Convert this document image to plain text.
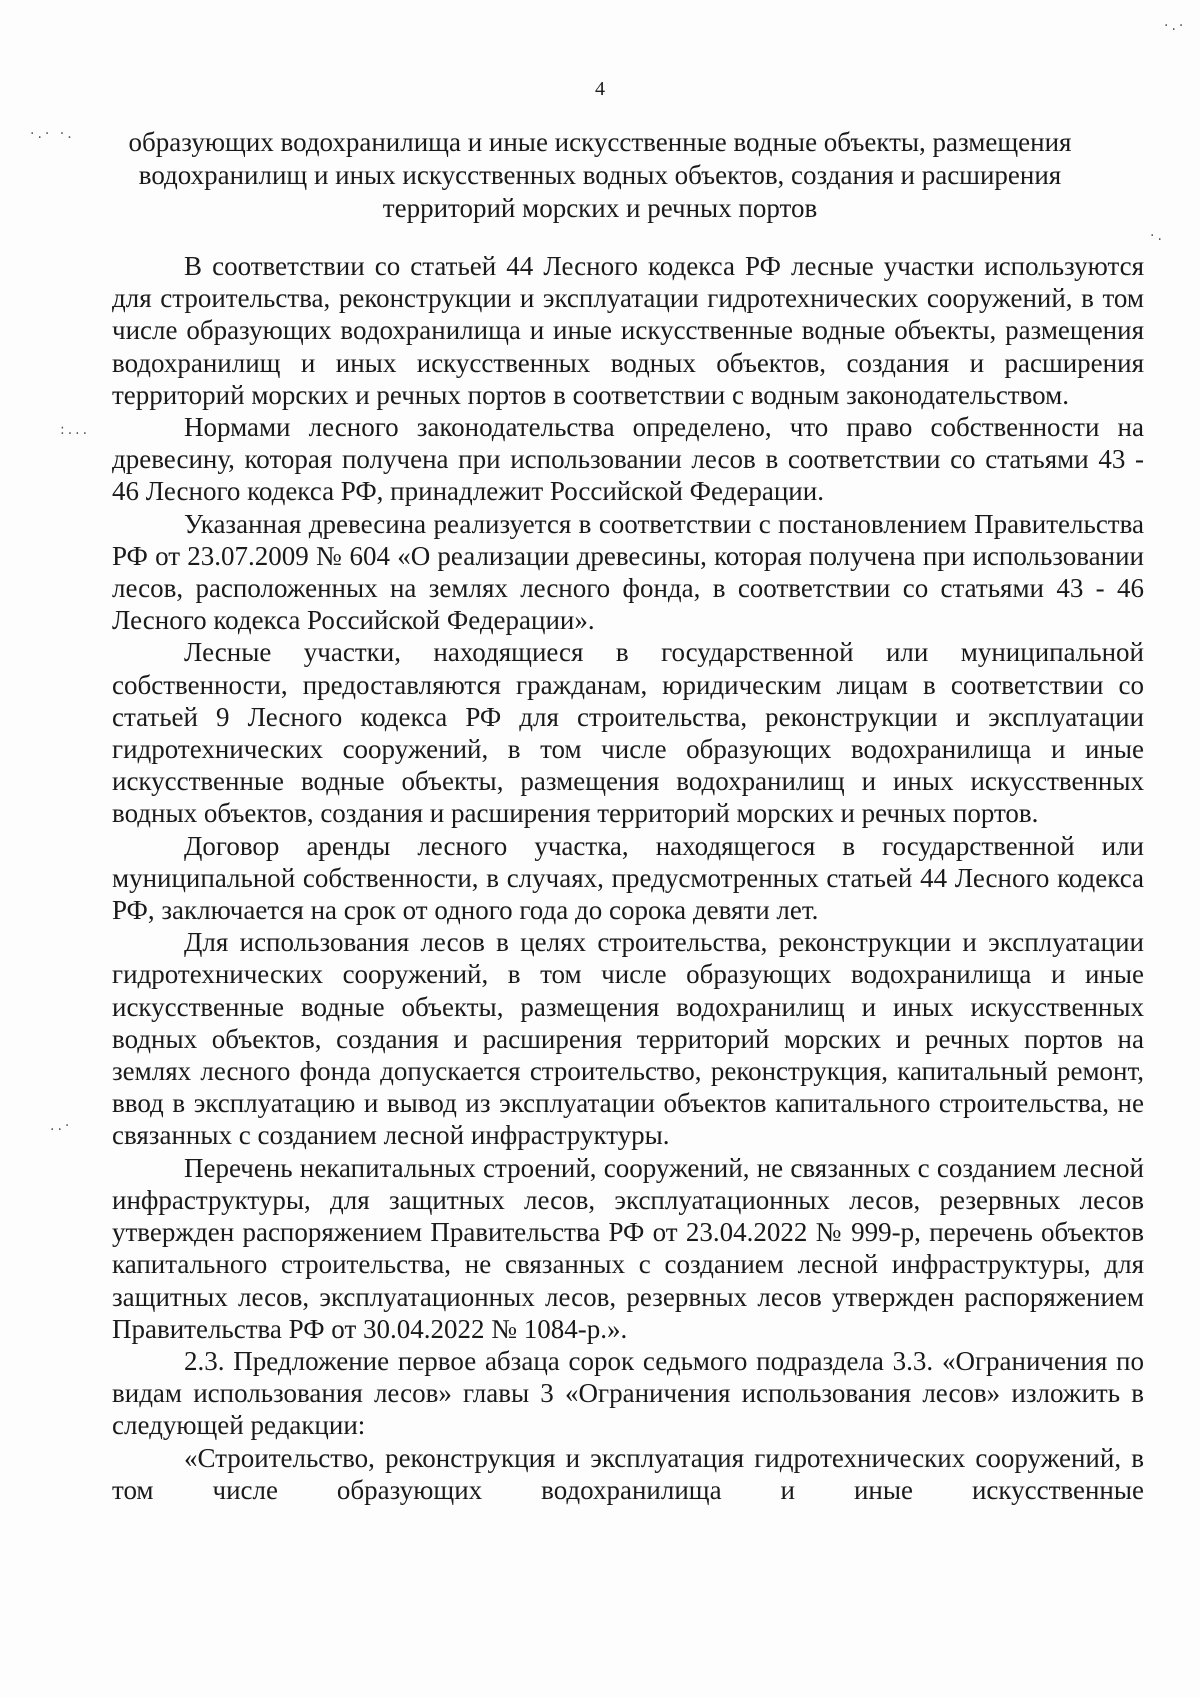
4
образующих водохранилища и иные искусственные водные объекты, размещения
водохранилищ и иных искусственных водных объектов, создания и расширения
территорий морских и речных портов

В соответствии со статьей 44 Лесного кодекса РФ лесные участки используются для строительства, реконструкции и эксплуатации гидротехнических сооружений, в том числе образующих водохранилища и иные искусственные водные объекты, размещения водохранилищ и иных искусственных водных объектов, создания и расширения территорий морских и речных портов в соответствии с водным законодательством.

Нормами лесного законодательства определено, что право собственности на древесину, которая получена при использовании лесов в соответствии со статьями 43 - 46 Лесного кодекса РФ, принадлежит Российской Федерации.

Указанная древесина реализуется в соответствии с постановлением Правительства РФ от 23.07.2009 № 604 «О реализации древесины, которая получена при использовании лесов, расположенных на землях лесного фонда, в соответствии со статьями 43 - 46 Лесного кодекса Российской Федерации».

Лесные участки, находящиеся в государственной или муниципальной собственности, предоставляются гражданам, юридическим лицам в соответствии со статьей 9 Лесного кодекса РФ для строительства, реконструкции и эксплуатации гидротехнических сооружений, в том числе образующих водохранилища и иные искусственные водные объекты, размещения водохранилищ и иных искусственных водных объектов, создания и расширения территорий морских и речных портов.

Договор аренды лесного участка, находящегося в государственной или муниципальной собственности, в случаях, предусмотренных статьей 44 Лесного кодекса РФ, заключается на срок от одного года до сорока девяти лет.

Для использования лесов в целях строительства, реконструкции и эксплуатации гидротехнических сооружений, в том числе образующих водохранилища и иные искусственные водные объекты, размещения водохранилищ и иных искусственных водных объектов, создания и расширения территорий морских и речных портов на землях лесного фонда допускается строительство, реконструкция, капитальный ремонт, ввод в эксплуатацию и вывод из эксплуатации объектов капитального строительства, не связанных с созданием лесной инфраструктуры.

Перечень некапитальных строений, сооружений, не связанных с созданием лесной инфраструктуры, для защитных лесов, эксплуатационных лесов, резервных лесов утвержден распоряжением Правительства РФ от 23.04.2022 № 999-р, перечень объектов капитального строительства, не связанных с созданием лесной инфраструктуры, для защитных лесов, эксплуатационных лесов, резервных лесов утвержден распоряжением Правительства РФ от 30.04.2022 № 1084-р.».

2.3. Предложение первое абзаца сорок седьмого подраздела 3.3. «Ограничения по видам использования лесов» главы 3 «Ограничения использования лесов» изложить в следующей редакции:

«Строительство, реконструкция и эксплуатация гидротехнических сооружений, в том числе образующих водохранилища и иные искусственные

·.· ·.
·.·
·.
:...
..·
